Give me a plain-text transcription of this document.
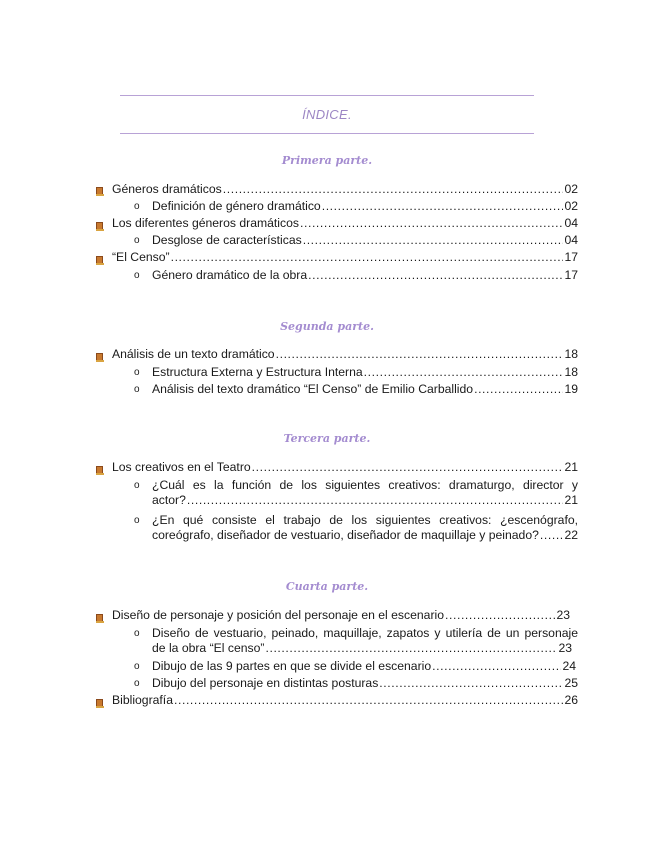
ÍNDICE.
Primera parte.
Géneros dramáticos .....	02
o Definición de género dramático .....	02
Los diferentes géneros dramáticos .....	04
o Desglose de características .....	04
“El Censo” .....	17
o Género dramático de la obra .....	17
Segunda parte.
Análisis de un texto dramático .....	18
o Estructura Externa y Estructura Interna .....	18
o Análisis del texto dramático “El Censo” de Emilio Carballido .....	19
Tercera parte.
Los creativos en el Teatro .....	21
o ¿Cuál es la función de los siguientes creativos: dramaturgo, director y
actor? .....	21
o ¿En qué consiste el trabajo de los siguientes creativos: ¿escenógrafo,
coreógrafo, diseñador de vestuario, diseñador de maquillaje y peinado? ..... 22
Cuarta parte.
Diseño de personaje y posición del personaje en el escenario .....	23
o Diseño de vestuario, peinado, maquillaje, zapatos y utilería de un personaje
de la obra “El censo” .....	23
o Dibujo de las 9 partes en que se divide el escenario .....	24
o Dibujo del personaje en distintas posturas .....	25
Bibliografía .....	26
